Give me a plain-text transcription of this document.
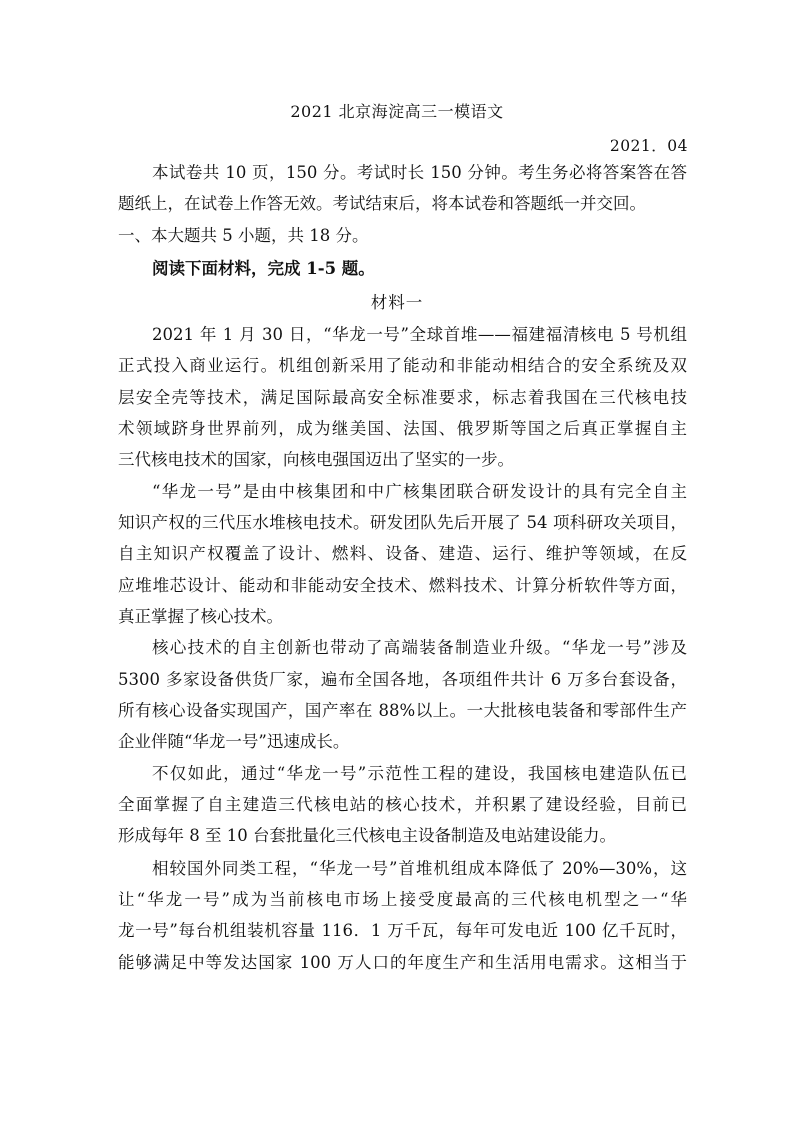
2021 北京海淀高三一模语文
2021．04
本试卷共 10 页，150 分。考试时长 150 分钟。考生务必将答案答在答
题纸上，在试卷上作答无效。考试结束后，将本试卷和答题纸一并交回。
一、本大题共 5 小题，共 18 分。
阅读下面材料，完成 1-5 题。
材料一
2021 年 1 月 30 日，“华龙一号”全球首堆——福建福清核电 5 号机组
正式投入商业运行。机组创新采用了能动和非能动相结合的安全系统及双
层安全壳等技术，满足国际最高安全标准要求，标志着我国在三代核电技
术领域跻身世界前列，成为继美国、法国、俄罗斯等国之后真正掌握自主
三代核电技术的国家，向核电强国迈出了坚实的一步。
“华龙一号”是由中核集团和中广核集团联合研发设计的具有完全自主
知识产权的三代压水堆核电技术。研发团队先后开展了 54 项科研攻关项目，
自主知识产权覆盖了设计、燃料、设备、建造、运行、维护等领域，在反
应堆堆芯设计、能动和非能动安全技术、燃料技术、计算分析软件等方面，
真正掌握了核心技术。
核心技术的自主创新也带动了高端装备制造业升级。“华龙一号”涉及
5300 多家设备供货厂家，遍布全国各地，各项组件共计 6 万多台套设备，
所有核心设备实现国产，国产率在 88%以上。一大批核电装备和零部件生产
企业伴随“华龙一号”迅速成长。
不仅如此，通过“华龙一号”示范性工程的建设，我国核电建造队伍已
全面掌握了自主建造三代核电站的核心技术，并积累了建设经验，目前已
形成每年 8 至 10 台套批量化三代核电主设备制造及电站建设能力。
相较国外同类工程，“华龙一号”首堆机组成本降低了 20%—30%，这
让“华龙一号”成为当前核电市场上接受度最高的三代核电机型之一“华
龙一号”每台机组装机容量 116．1 万千瓦，每年可发电近 100 亿千瓦时，
能够满足中等发达国家 100 万人口的年度生产和生活用电需求。这相当于
